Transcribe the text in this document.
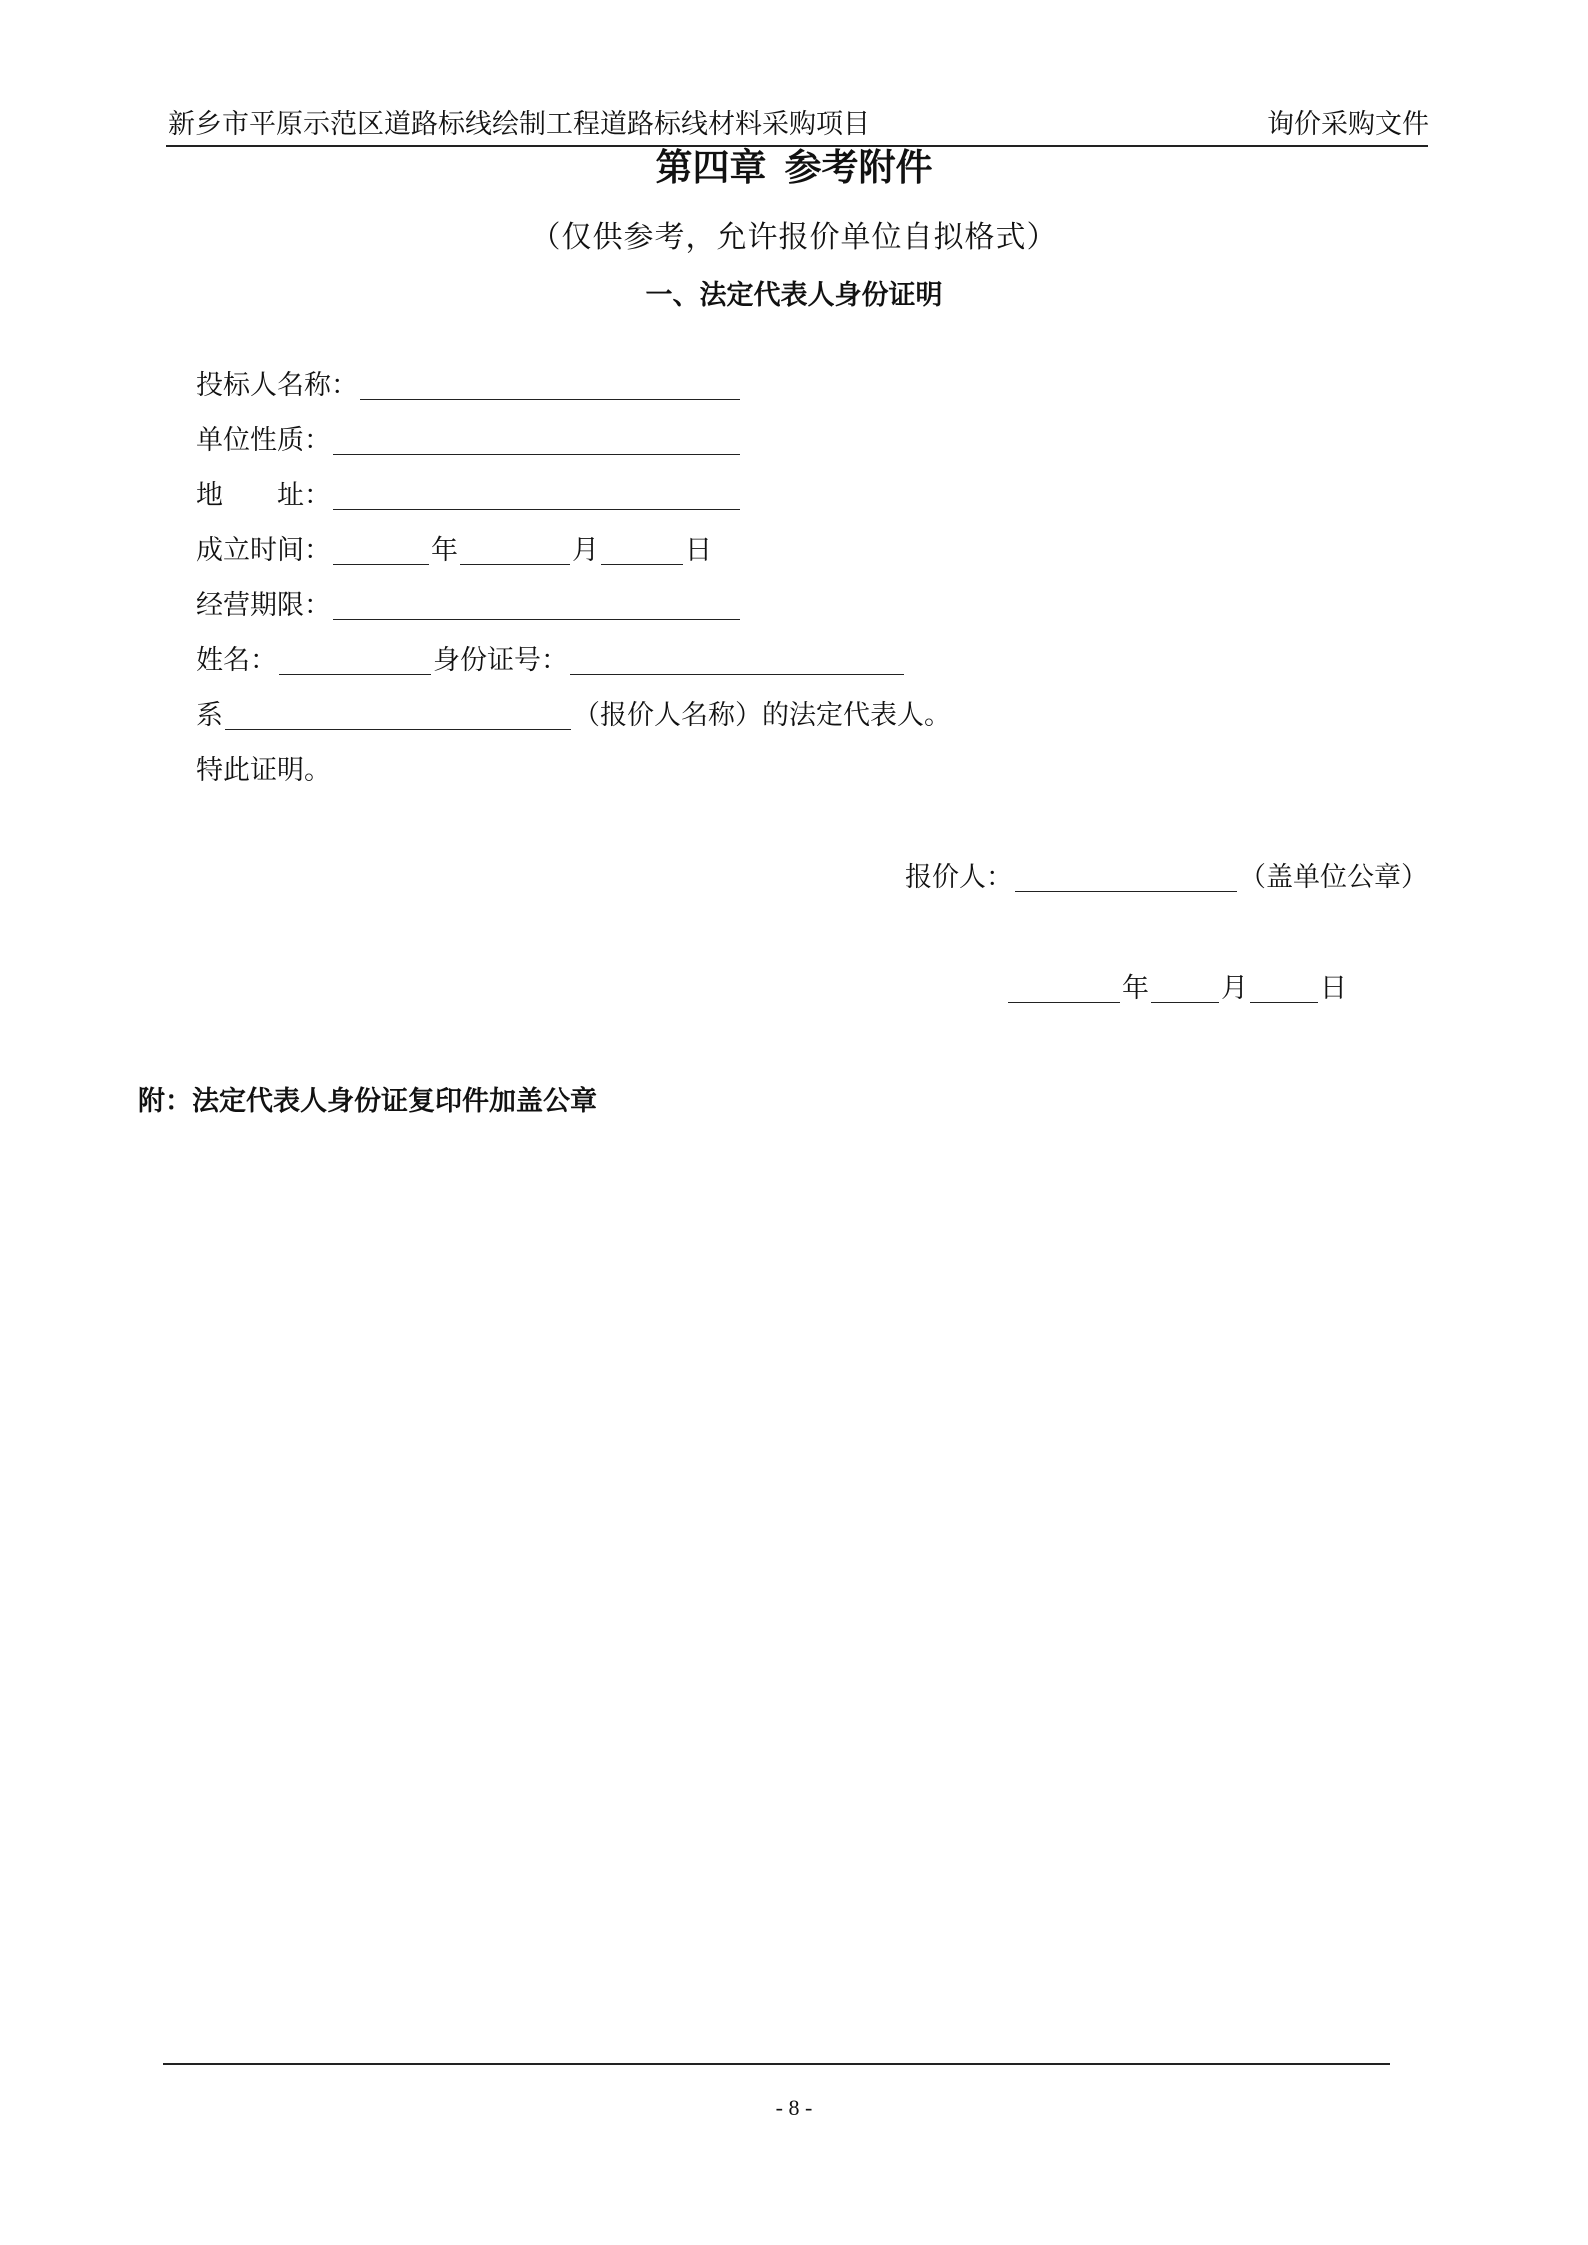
新乡市平原示范区道路标线绘制工程道路标线材料采购项目	询价采购文件
第四章 参考附件
（仅供参考，允许报价单位自拟格式）
一、法定代表人身份证明
投标人名称：
单位性质：
地 址：
成立时间：	年	月	日
经营期限：
姓名：	身份证号：
系	（报价人名称）的法定代表人。
特此证明。
报价人：	（盖单位公章）
年	月	日
附：法定代表人身份证复印件加盖公章
- 8 -
